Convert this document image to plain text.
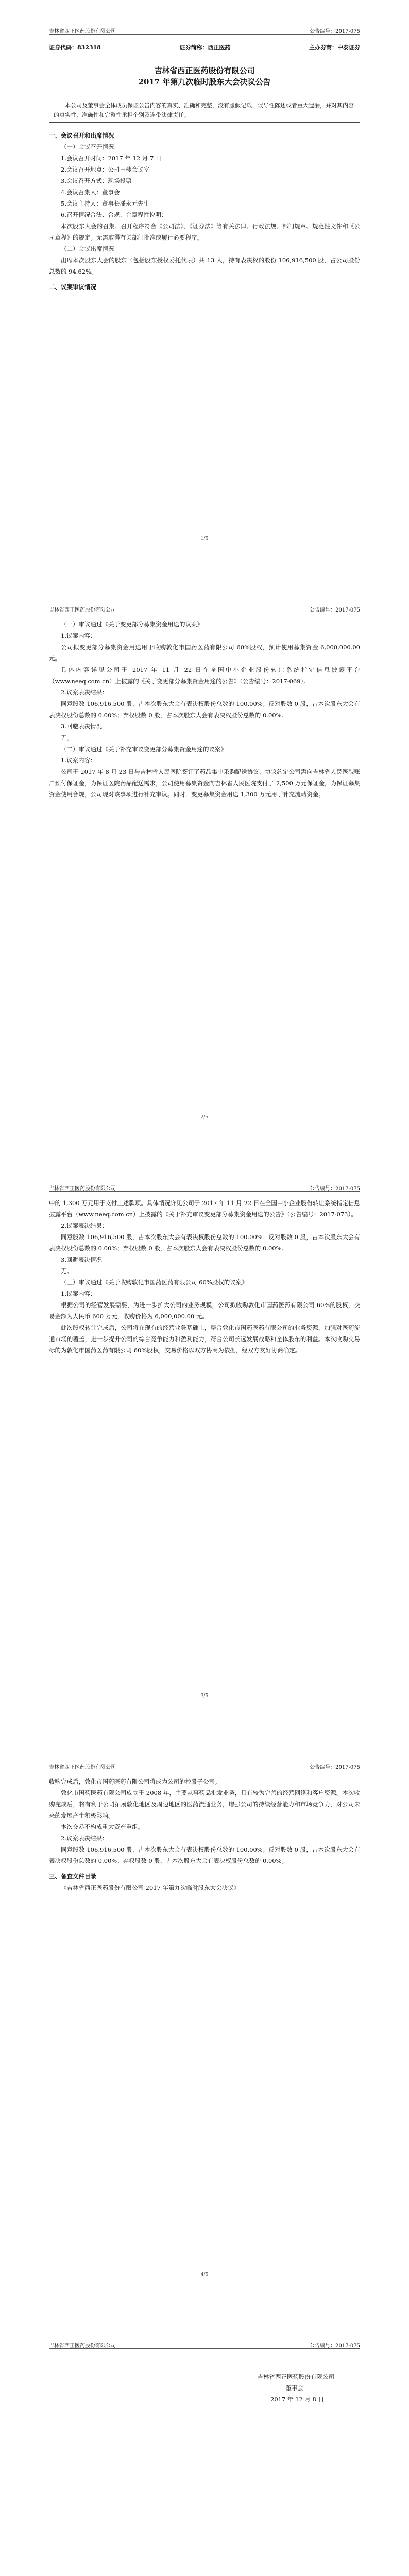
吉林省西正医药股份有限公司	公告编号：2017-075
证券代码：832318	证券简称：西正医药	主办券商：中泰证券
吉林省西正医药股份有限公司
2017 年第九次临时股东大会决议公告
本公司及董事会全体成员保证公告内容的真实、准确和完整，没有虚假记载、误导性陈述或者重大遗漏，并对其内容的真实性、准确性和完整性承担个别及连带法律责任。
一、会议召开和出席情况

（一）会议召开情况

1.会议召开时间：2017 年 12 月 7 日

2.会议召开地点：公司三楼会议室

3.会议召开方式：现场投票

4.会议召集人：董事会

5.会议主持人：董事长潘永元先生

6.召开情况合法、合规、合章程性说明：

本次股东大会的召集、召开程序符合《公司法》、《证券法》等有关法律、行政法规、部门规章、规范性文件和《公司章程》的规定。无需取得有关部门批准或履行必要程序。

（二）会议出席情况

出席本次股东大会的股东（包括股东授权委托代表）共 13 人，持有表决权的股份 106,916,500 股，占公司股份总数的 94.62%。

二、议案审议情况
1/5
吉林省西正医药股份有限公司	公告编号：2017-075

（一）审议通过《关于变更部分募集资金用途的议案》

1.议案内容：

公司拟变更部分募集资金用途用于收购敦化市国药医药有限公司 60%股权，预计使用募集资金 6,000,000.00 元。

具体内容详见公司于 2017 年 11 月 22 日在全国中小企业股份转让系统指定信息披露平台（www.neeq.com.cn）上披露的《关于变更部分募集资金用途的公告》（公告编号：2017-069）。

2.议案表决结果：

同意股数 106,916,500 股，占本次股东大会有表决权股份总数的 100.00%；反对股数 0 股，占本次股东大会有表决权股份总数的 0.00%；弃权股数 0 股，占本次股东大会有表决权股份总数的 0.00%。

3.回避表决情况

无。

（二）审议通过《关于补充审议变更部分募集资金用途的议案》

1.议案内容：

公司于 2017 年 8 月 23 日与吉林省人民医院签订了药品集中采购配送协议，协议约定公司需向吉林省人民医院账户预付保证金，为保证医院药品配送需求，公司使用募集资金向吉林省人民医院支付了 2,500 万元保证金，为保证募集资金使用合规，公司现对该事项进行补充审议。同时，变更募集资金用途 1,300 万元用于补充流动资金。

2/5
吉林省西正医药股份有限公司	公告编号：2017-075

中的 1,300 万元用于支付上述款项。具体情况详见公司于 2017 年 11 月 22 日在全国中小企业股份转让系统指定信息披露平台（www.neeq.com.cn）上披露的《关于补充审议变更部分募集资金用途的公告》（公告编号：2017-073）。

2.议案表决结果：

同意股数 106,916,500 股，占本次股东大会有表决权股份总数的 100.00%；反对股数 0 股，占本次股东大会有表决权股份总数的 0.00%；弃权股数 0 股，占本次股东大会有表决权股份总数的 0.00%。

3.回避表决情况

无。

（三）审议通过《关于收购敦化市国药医药有限公司 60%股权的议案》

1.议案内容：

根据公司的经营发展需要，为进一步扩大公司的业务规模，公司拟收购敦化市国药医药有限公司 60%的股权，交易金额为人民币 600 万元，收购价格为 6,000,000.00 元。

此次股权转让完成后，公司将在现有的经营业务基础上，整合敦化市国药医药有限公司的业务资源，加强对医药流通市场的覆盖，进一步提升公司的综合竞争能力和盈利能力，符合公司长远发展战略和全体股东的利益。本次收购交易标的为敦化市国药医药有限公司 60%股权，交易价格以双方协商为依据，经双方友好协商确定。

3/5
吉林省西正医药股份有限公司	公告编号：2017-075

收购完成后，敦化市国药医药有限公司将成为公司的控股子公司。

敦化市国药医药有限公司成立于 2008 年，主要从事药品批发业务，具有较为完善的经营网络和客户资源。本次收购完成后，将有利于公司拓展敦化地区及周边地区的医药流通业务，增强公司的持续经营能力和市场竞争力，对公司未来的发展产生积极影响。

本次交易不构成重大资产重组。

2.议案表决结果：

同意股数 106,916,500 股，占本次股东大会有表决权股份总数的 100.00%；反对股数 0 股，占本次股东大会有表决权股份总数的 0.00%；弃权股数 0 股，占本次股东大会有表决权股份总数的 0.00%。

三、备查文件目录

《吉林省西正医药股份有限公司 2017 年第九次临时股东大会决议》

4/5
吉林省西正医药股份有限公司	公告编号：2017-075
吉林省西正医药股份有限公司
董事会
2017 年 12 月 8 日
